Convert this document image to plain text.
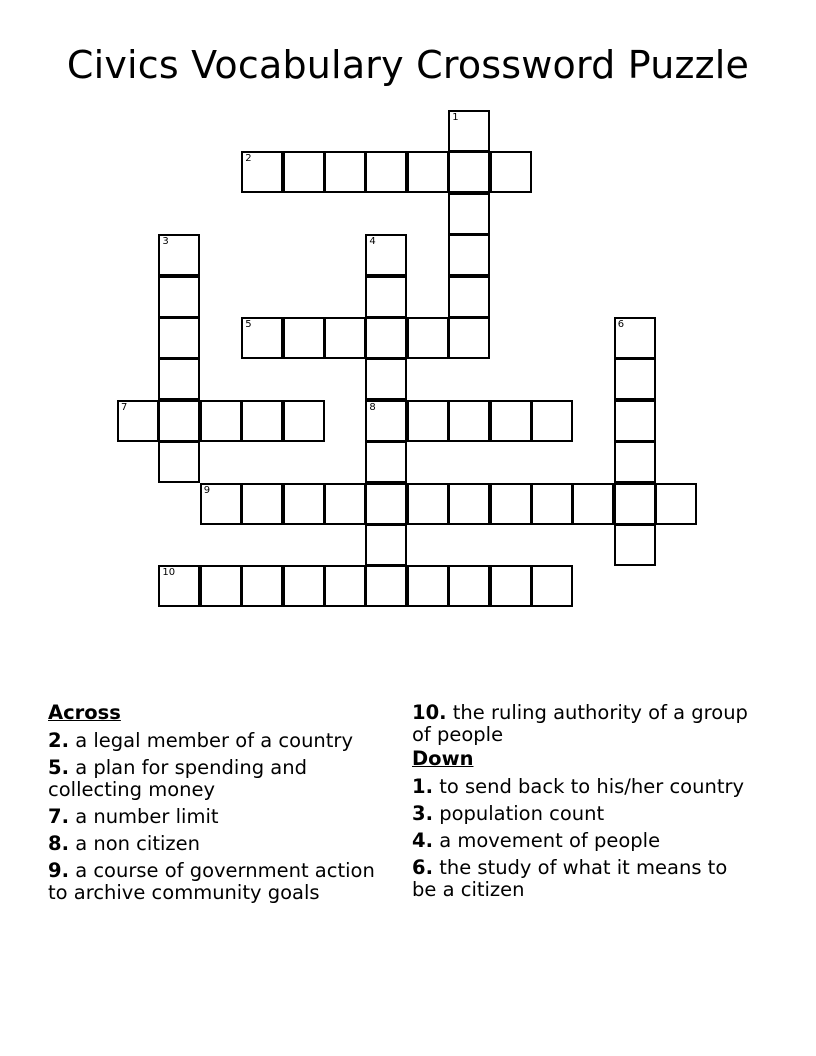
Civics Vocabulary Crossword Puzzle
1
2
3	4
8
5	6
7
9
10
Across
2. a legal member of a country
5. a plan for spending and collecting money
7. a number limit
8. a non citizen
9. a course of government action to archive community goals
10. the ruling authority of a group of people
Down
1. to send back to his/her country
3. population count
4. a movement of people
6. the study of what it means to be a citizen
